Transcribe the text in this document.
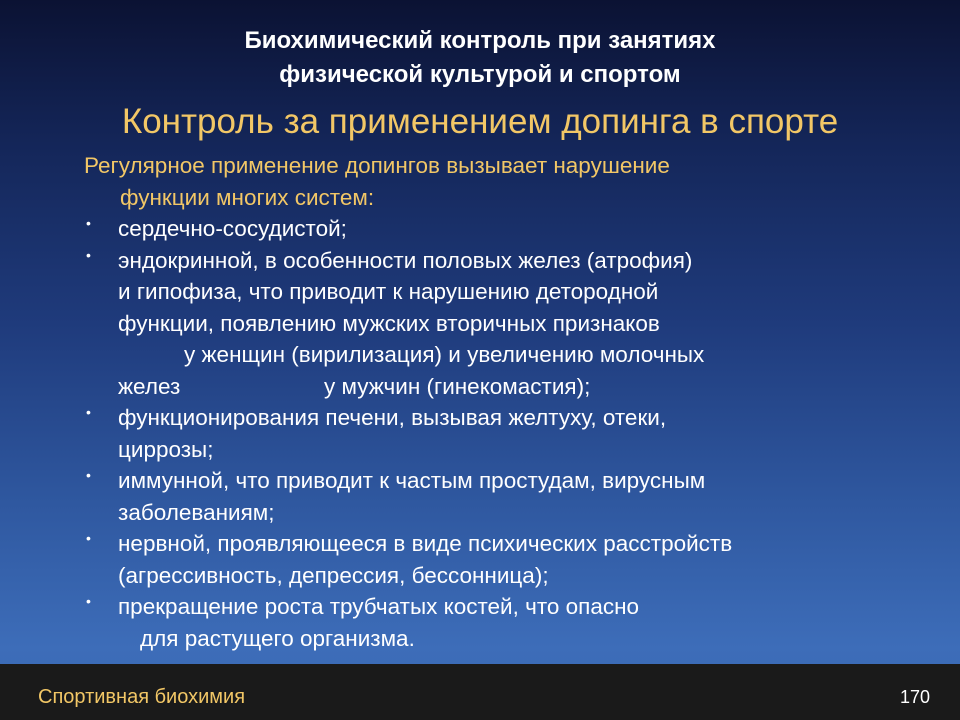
Биохимический контроль при занятиях
физической культурой и спортом
Контроль за применением допинга в спорте
Регулярное применение допингов вызывает нарушение
функции многих систем:
• сердечно-сосудистой;
• эндокринной, в особенности половых желез (атрофия)
и гипофиза, что приводит к нарушению детородной
функции, появлению мужских вторичных признаков
у женщин (вирилизация) и увеличению молочных
желез	у мужчин (гинекомастия);
• функционирования печени, вызывая желтуху, отеки,
циррозы;
• иммунной, что приводит к частым простудам, вирусным
заболеваниям;
• нервной, проявляющееся в виде психических расстройств
(агрессивность, депрессия, бессонница);
• прекращение роста трубчатых костей, что опасно
для растущего организма.
Спортивная биохимия	170
